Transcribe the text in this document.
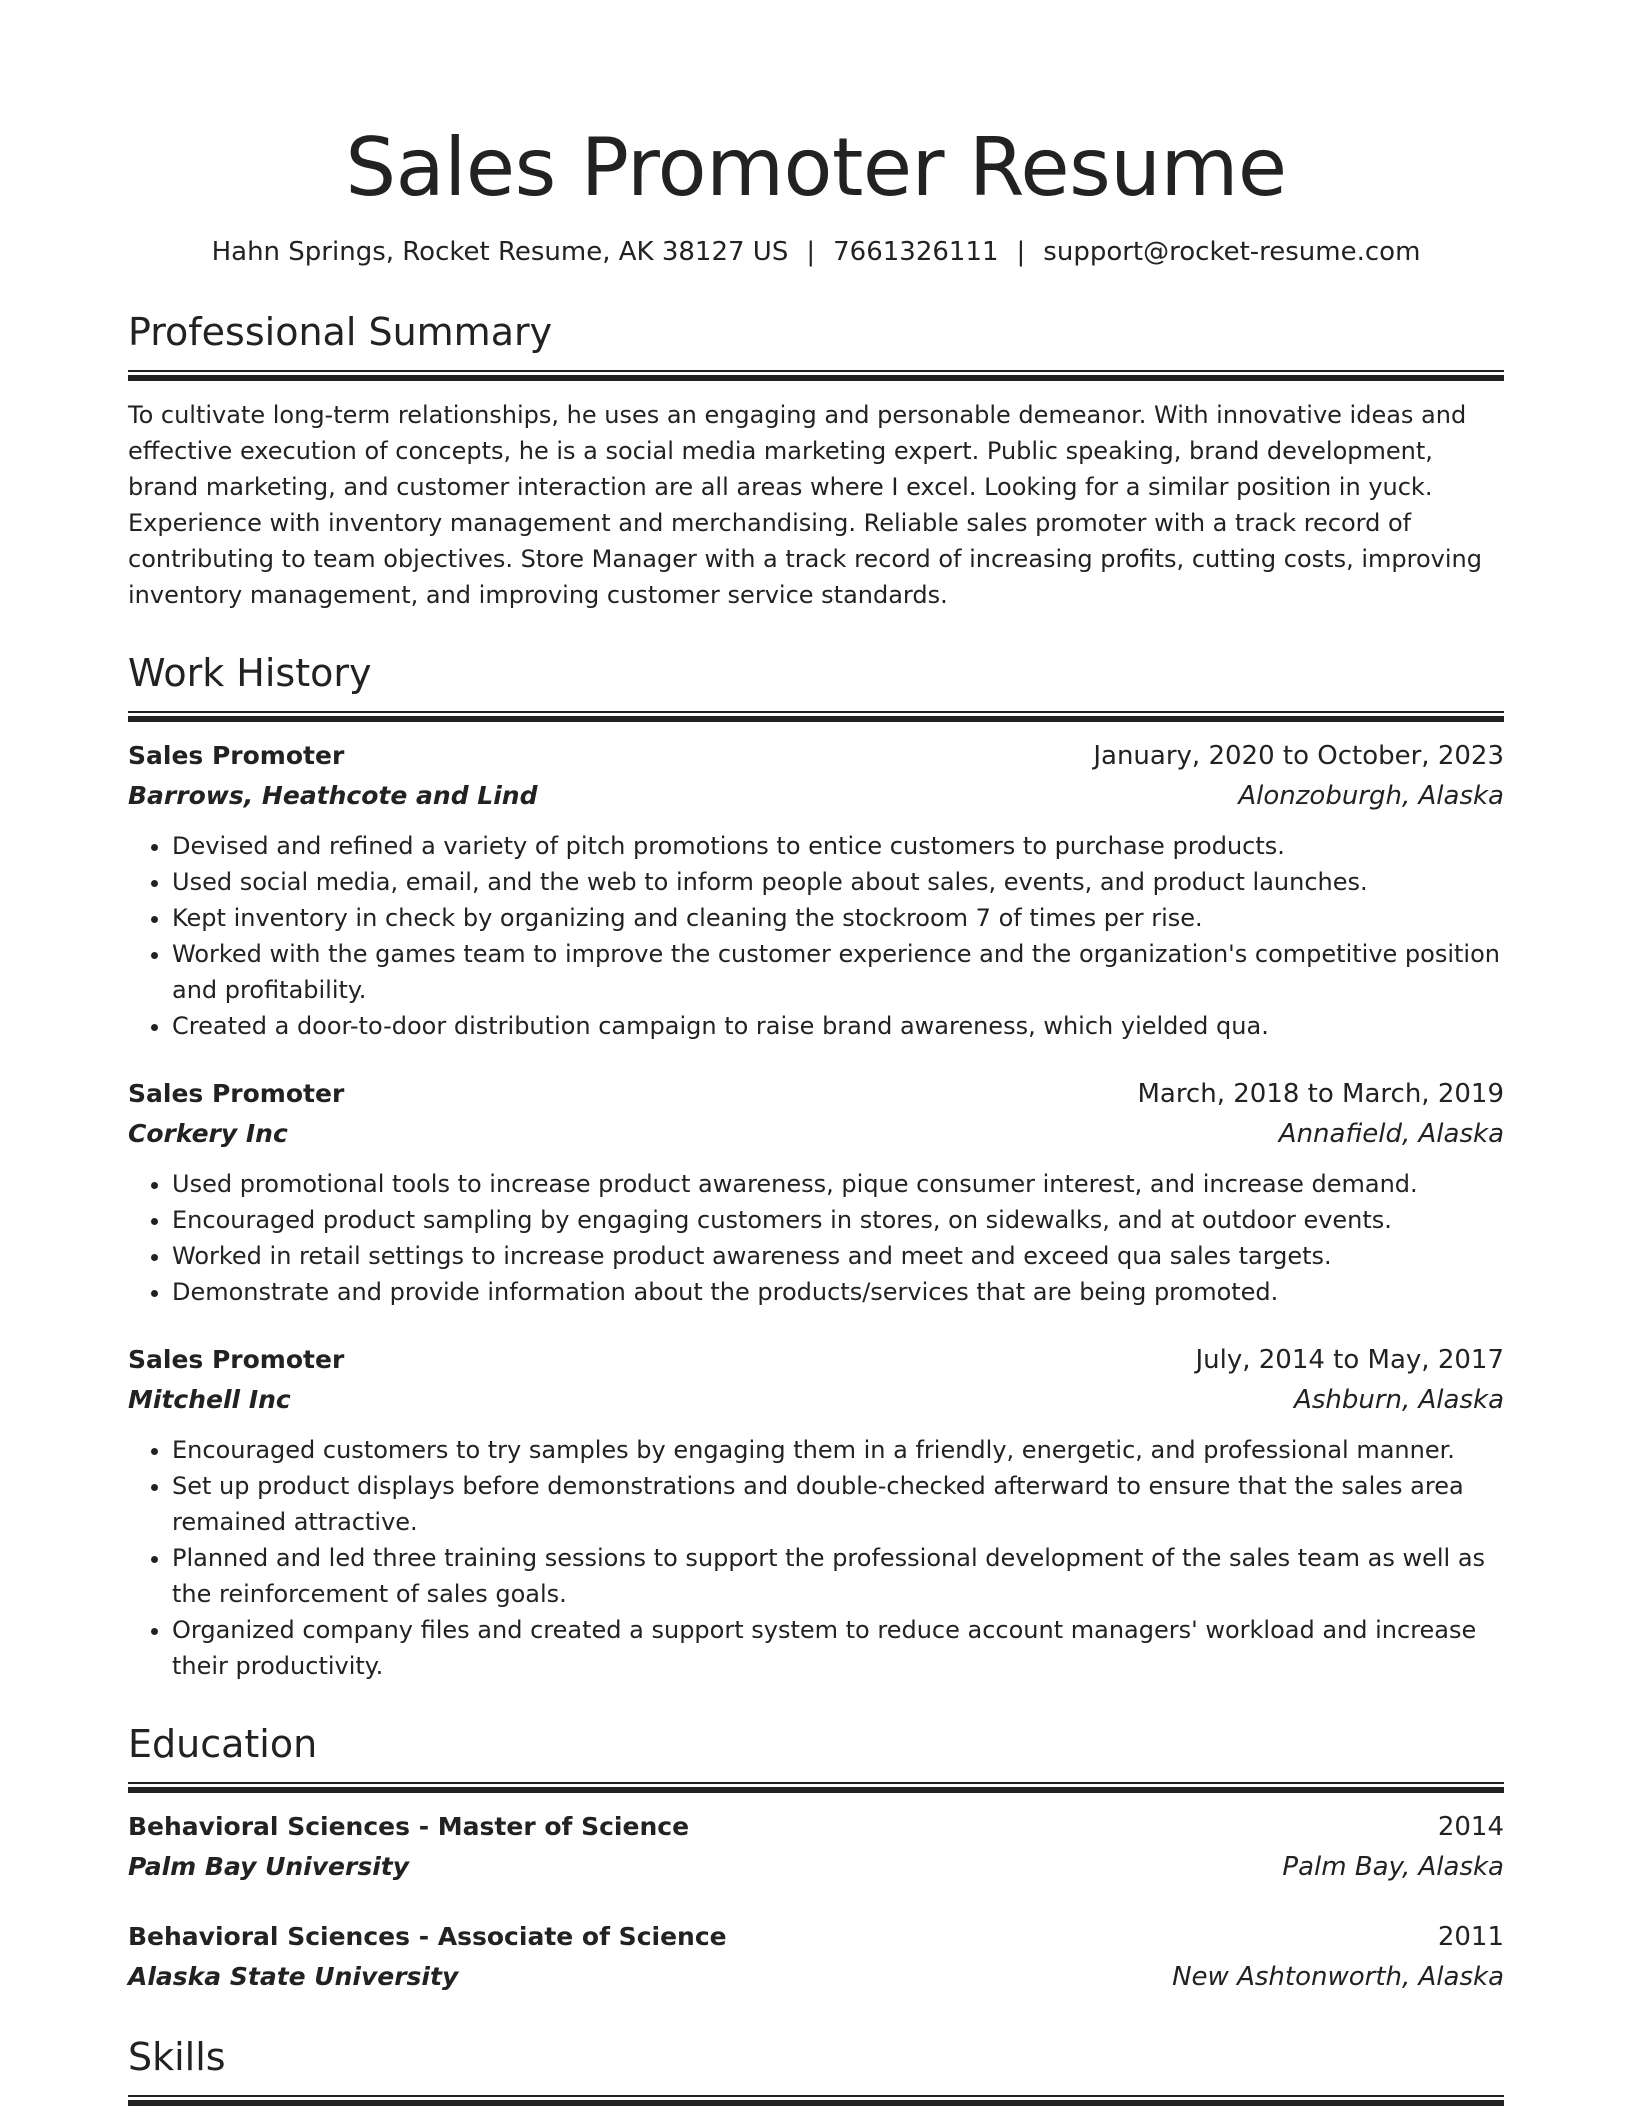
Sales Promoter Resume
Hahn Springs, Rocket Resume, AK 38127 US | 7661326111 | support@rocket-resume.com
Professional Summary
To cultivate long-term relationships, he uses an engaging and personable demeanor. With innovative ideas and effective execution of concepts, he is a social media marketing expert. Public speaking, brand development, brand marketing, and customer interaction are all areas where I excel. Looking for a similar position in yuck. Experience with inventory management and merchandising. Reliable sales promoter with a track record of contributing to team objectives. Store Manager with a track record of increasing profits, cutting costs, improving inventory management, and improving customer service standards.
Work History
Sales Promoter	January, 2020 to October, 2023
Barrows, Heathcote and Lind	Alonzoburgh, Alaska
• Devised and refined a variety of pitch promotions to entice customers to purchase products.
• Used social media, email, and the web to inform people about sales, events, and product launches.
• Kept inventory in check by organizing and cleaning the stockroom 7 of times per rise.
• Worked with the games team to improve the customer experience and the organization's competitive position and profitability.
• Created a door-to-door distribution campaign to raise brand awareness, which yielded qua.
Sales Promoter	March, 2018 to March, 2019
Corkery Inc	Annafield, Alaska
• Used promotional tools to increase product awareness, pique consumer interest, and increase demand.
• Encouraged product sampling by engaging customers in stores, on sidewalks, and at outdoor events.
• Worked in retail settings to increase product awareness and meet and exceed qua sales targets.
• Demonstrate and provide information about the products/services that are being promoted.
Sales Promoter	July, 2014 to May, 2017
Mitchell Inc	Ashburn, Alaska
• Encouraged customers to try samples by engaging them in a friendly, energetic, and professional manner.
• Set up product displays before demonstrations and double-checked afterward to ensure that the sales area remained attractive.
• Planned and led three training sessions to support the professional development of the sales team as well as the reinforcement of sales goals.
• Organized company files and created a support system to reduce account managers' workload and increase their productivity.
Education
Behavioral Sciences - Master of Science	2014
Palm Bay University	Palm Bay, Alaska
Behavioral Sciences - Associate of Science	2011
Alaska State University	New Ashtonworth, Alaska
Skills
